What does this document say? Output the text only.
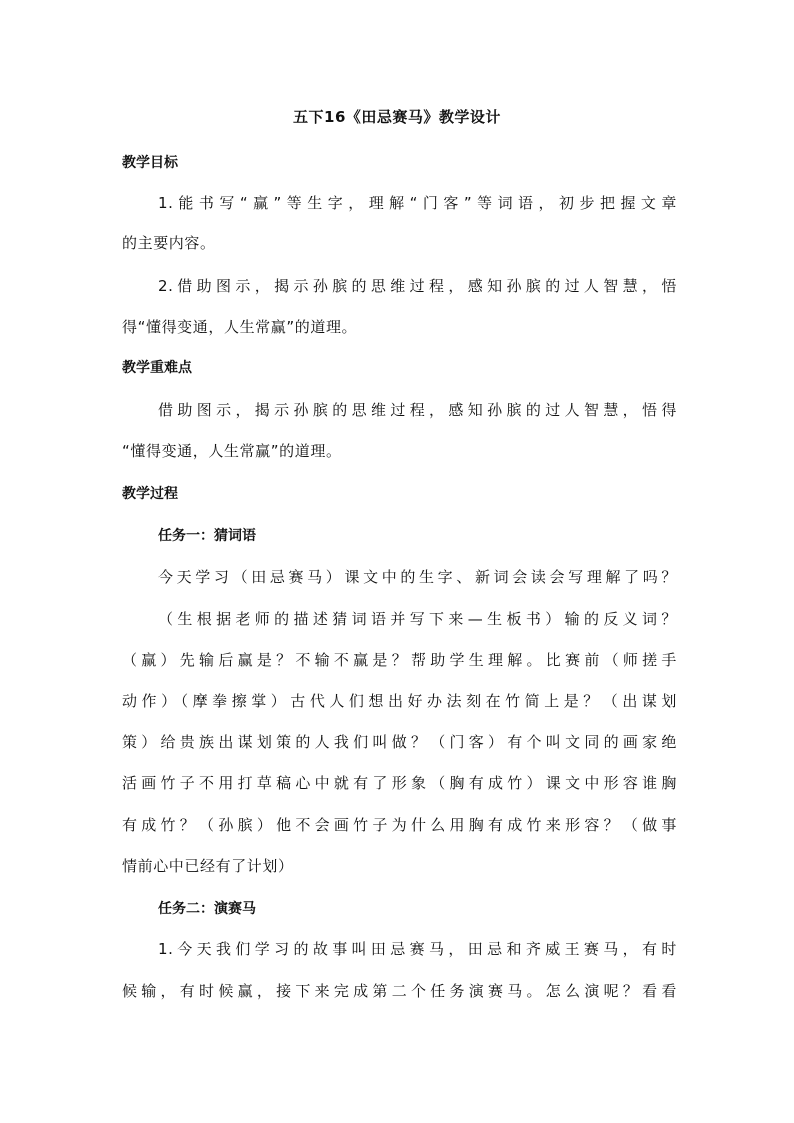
五下16《田忌赛马》教学设计
教学目标
1.能书写“赢”等生字，理解“门客”等词语，初步把握文章
的主要内容。
2.借助图示，揭示孙膑的思维过程，感知孙膑的过人智慧，悟
得“懂得变通，人生常赢”的道理。
教学重难点
借助图示，揭示孙膑的思维过程，感知孙膑的过人智慧，悟得
“懂得变通，人生常赢”的道理。
教学过程
任务一：猜词语
今天学习（田忌赛马）课文中的生字、新词会读会写理解了吗？
（生根据老师的描述猜词语并写下来—生板书）输的反义词？
（赢）先输后赢是？不输不赢是？帮助学生理解。比赛前（师搓手
动作）（摩拳擦掌）古代人们想出好办法刻在竹简上是？（出谋划
策）给贵族出谋划策的人我们叫做？（门客）有个叫文同的画家绝
活画竹子不用打草稿心中就有了形象（胸有成竹）课文中形容谁胸
有成竹？（孙膑）他不会画竹子为什么用胸有成竹来形容？（做事
情前心中已经有了计划）
任务二：演赛马
1.今天我们学习的故事叫田忌赛马，田忌和齐威王赛马，有时
候输，有时候赢，接下来完成第二个任务演赛马。怎么演呢？看看
